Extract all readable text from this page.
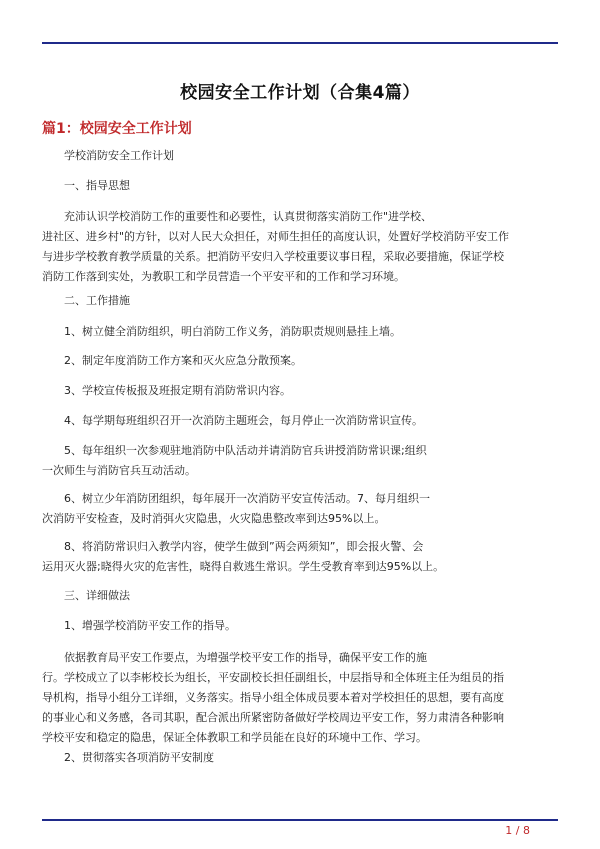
校园安全工作计划（合集4篇）
篇1：校园安全工作计划
学校消防安全工作计划
一、指导思想
充沛认识学校消防工作的重要性和必要性，认真贯彻落实消防工作"进学校、
进社区、进乡村"的方针，以对人民大众担任，对师生担任的高度认识，处置好学校消防平安工作
与进步学校教育教学质量的关系。把消防平安归入学校重要议事日程，采取必要措施，保证学校
消防工作落到实处，为教职工和学员营造一个平安平和的工作和学习环境。
二、工作措施
1、树立健全消防组织，明白消防工作义务，消防职责规则悬挂上墙。
2、制定年度消防工作方案和灭火应急分散预案。
3、学校宣传板报及班报定期有消防常识内容。
4、每学期每班组织召开一次消防主题班会，每月停止一次消防常识宣传。
5、每年组织一次参观驻地消防中队活动并请消防官兵讲授消防常识课;组织
一次师生与消防官兵互动活动。
6、树立少年消防团组织，每年展开一次消防平安宣传活动。7、每月组织一
次消防平安检查，及时消弭火灾隐患，火灾隐患整改率到达95%以上。
8、将消防常识归入教学内容，使学生做到”两会两须知”，即会报火警、会
运用灭火器;晓得火灾的危害性，晓得自救逃生常识。学生受教育率到达95%以上。
三、详细做法
1、增强学校消防平安工作的指导。
依据教育局平安工作要点，为增强学校平安工作的指导，确保平安工作的施
行。学校成立了以李彬校长为组长，平安副校长担任副组长，中层指导和全体班主任为组员的指
导机构，指导小组分工详细，义务落实。指导小组全体成员要本着对学校担任的思想，要有高度
的事业心和义务感，各司其职，配合派出所紧密防备做好学校周边平安工作，努力肃清各种影响
学校平安和稳定的隐患，保证全体教职工和学员能在良好的环境中工作、学习。
2、贯彻落实各项消防平安制度
1 / 8
